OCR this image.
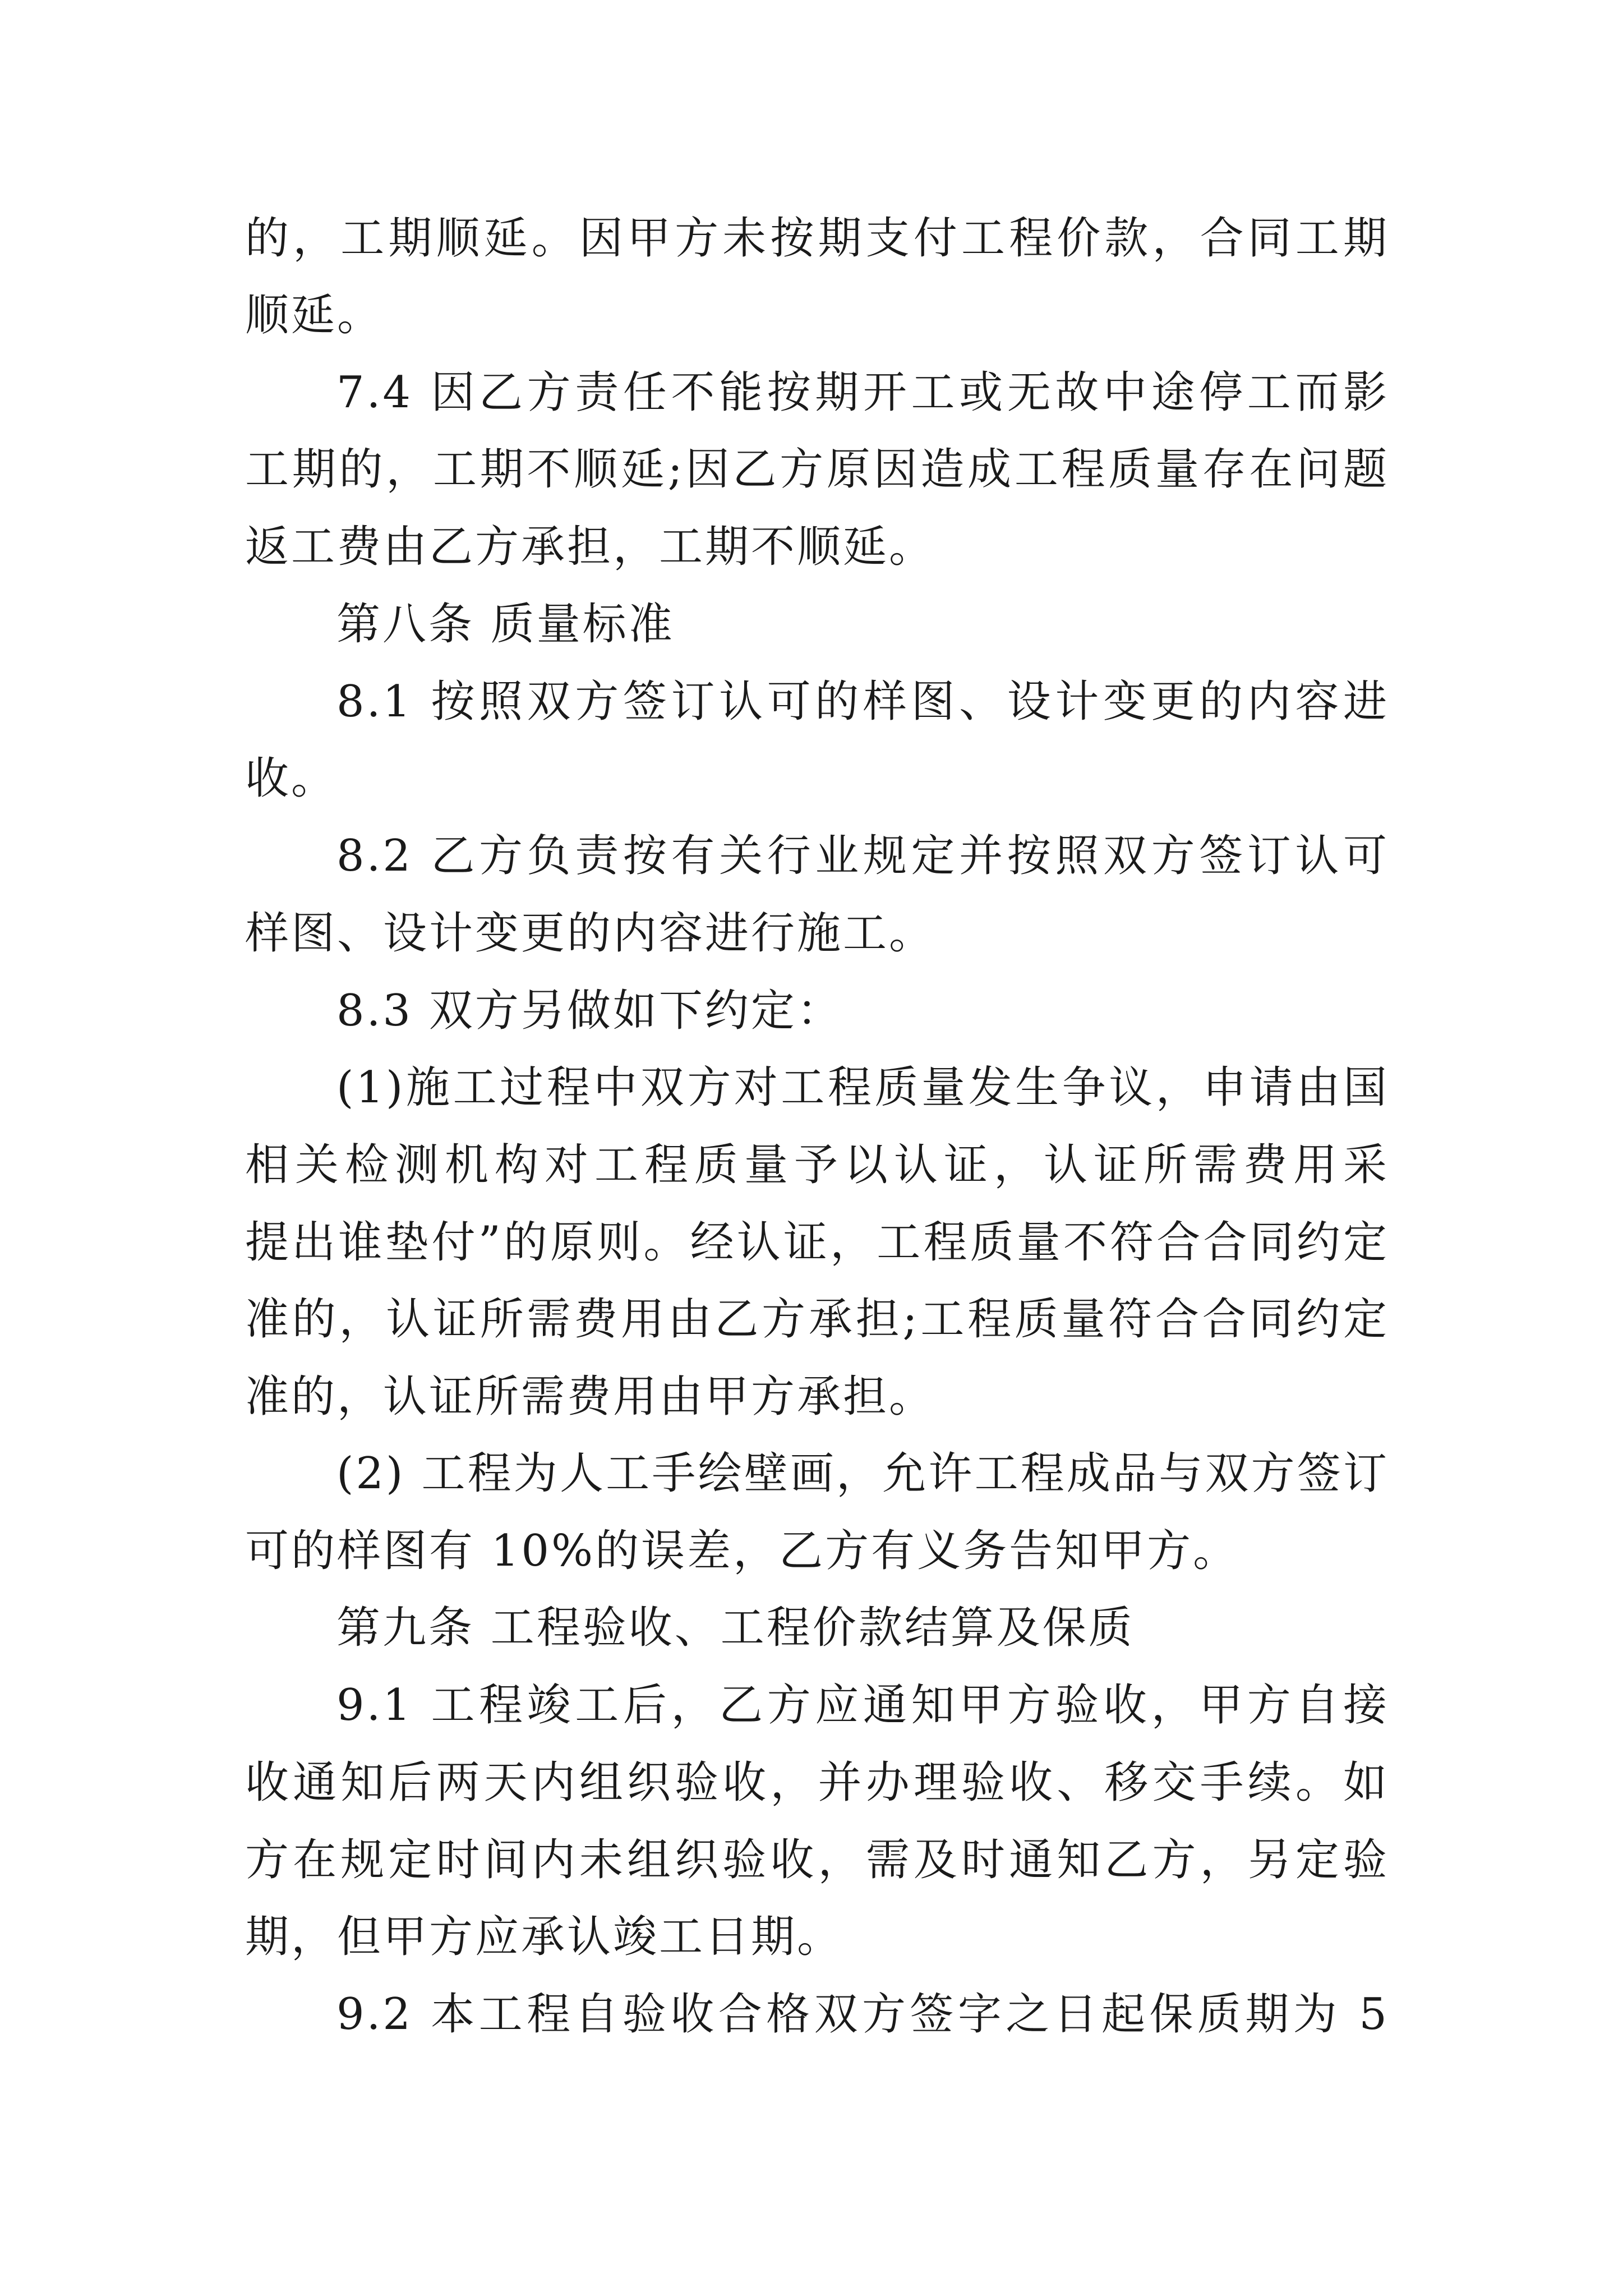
的，工期顺延。因甲方未按期支付工程价款，合同工期
顺延。
7.4 因乙方责任不能按期开工或无故中途停工而影
工期的，工期不顺延;因乙方原因造成工程质量存在问题
返工费由乙方承担，工期不顺延。
第八条 质量标准
8.1 按照双方签订认可的样图、设计变更的内容进
收。
8.2 乙方负责按有关行业规定并按照双方签订认可
样图、设计变更的内容进行施工。
8.3 双方另做如下约定：
(1)施工过程中双方对工程质量发生争议，申请由国
相关检测机构对工程质量予以认证，认证所需费用采
提出谁垫付”的原则。经认证，工程质量不符合合同约定
准的，认证所需费用由乙方承担;工程质量符合合同约定
准的，认证所需费用由甲方承担。
(2) 工程为人工手绘壁画，允许工程成品与双方签订
可的样图有 10%的误差，乙方有义务告知甲方。
第九条 工程验收、工程价款结算及保质
9.1 工程竣工后，乙方应通知甲方验收，甲方自接
收通知后两天内组织验收，并办理验收、移交手续。如
方在规定时间内未组织验收，需及时通知乙方，另定验
期，但甲方应承认竣工日期。
9.2 本工程自验收合格双方签字之日起保质期为 5
